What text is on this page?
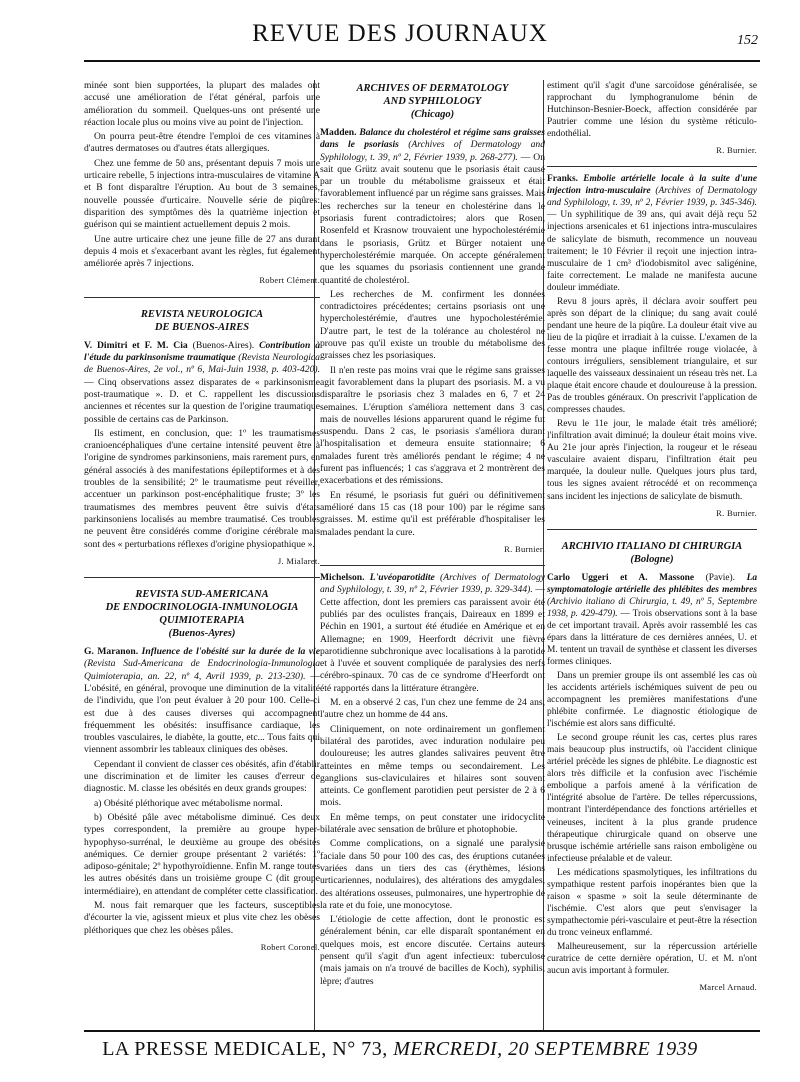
REVUE DES JOURNAUX	152

minée sont bien supportées, la plupart des malades ont accusé une amélioration de l'état général, parfois une amélioration du sommeil. Quelques-uns ont présenté une réaction locale plus ou moins vive au point de l'injection.

On pourra peut-être étendre l'emploi de ces vitamines à d'autres dermatoses ou d'autres états allergiques.

Chez une femme de 50 ans, présentant depuis 7 mois une urticaire rebelle, 5 injections intra-musculaires de vitamine A et B font disparaître l'éruption. Au bout de 3 semaines, nouvelle poussée d'urticaire. Nouvelle série de piqûres: disparition des symptômes dès la quatrième injection et guérison qui se maintient actuellement depuis 2 mois.

Une autre urticaire chez une jeune fille de 27 ans durant depuis 4 mois et s'exacerbant avant les règles, fut également améliorée après 7 injections.

Robert Clément.

REVISTA NEUROLOGICA
DE BUENOS-AIRES

V. Dimitri et F. M. Cia (Buenos-Aires). Contribution à l'étude du parkinsonisme traumatique (Revista Neurologica de Buenos-Aires, 2e vol., nº 6, Mai-Juin 1938, p. 403-420). — Cinq observations assez disparates de « parkinsonisme post-traumatique ». D. et C. rappellent les discussions anciennes et récentes sur la question de l'origine traumatique possible de certains cas de Parkinson.

Ils estiment, en conclusion, que: 1º les traumatismes cranioencéphaliques d'une certaine intensité peuvent être à l'origine de syndromes parkinsoniens, mais rarement purs, en général associés à des manifestations épileptiformes et à des troubles de la sensibilité; 2º le traumatisme peut réveiller, accentuer un parkinson post-encéphalitique fruste; 3º les traumatismes des membres peuvent être suivis d'états parkinsoniens localisés au membre traumatisé. Ces troubles ne peuvent être considérés comme d'origine cérébrale mais sont des « perturbations réflexes d'origine physiopathique ».

J. Mialaret.

REVISTA SUD-AMERICANA
DE ENDOCRINOLOGIA-INMUNOLOGIA
QUIMIOTERAPIA
(Buenos-Ayres)

G. Maranon. Influence de l'obésité sur la durée de la vie (Revista Sud-Americana de Endocrinologia-Inmunologia Quimioterapia, an. 22, nº 4, Avril 1939, p. 213-230). — L'obésité, en général, provoque une diminution de la vitalité de l'individu, que l'on peut évaluer à 20 pour 100. Celle-ci est due à des causes diverses qui accompagnent fréquemment les obésités: insuffisance cardiaque, les troubles vasculaires, le diabète, la goutte, etc... Tous faits qui viennent assombrir les tableaux cliniques des obèses.

Cependant il convient de classer ces obésités, afin d'établir une discrimination et de limiter les causes d'erreur de diagnostic. M. classe les obésités en deux grands groupes:

a) Obésité pléthorique avec métabolisme normal.

b) Obésité pâle avec métabolisme diminué. Ces deux types correspondent, la première au groupe hyper-hypophyso-surrénal, le deuxième au groupe des obésités anémiques. Ce dernier groupe présentant 2 variétés: 1º adiposo-génitale; 2º hypothyroïdienne. Enfin M. range toutes les autres obésités dans un troisième groupe C (dit groupe intermédiaire), en attendant de compléter cette classification.

M. nous fait remarquer que les facteurs, susceptibles d'écourter la vie, agissent mieux et plus vite chez les obèses pléthoriques que chez les obèses pâles.

Robert Coronel.

ARCHIVES OF DERMATOLOGY
AND SYPHILOLOGY
(Chicago)

Madden. Balance du cholestérol et régime sans graisses dans le psoriasis (Archives of Dermatology and Syphilology, t. 39, nº 2, Février 1939, p. 268-277). — On sait que Grütz avait soutenu que le psoriasis était causé par un trouble du métabolisme graisseux et était favorablement influencé par un régime sans graisses. Mais les recherches sur la teneur en cholestérine dans le psoriasis furent contradictoires; alors que Rosen, Rosenfeld et Krasnow trouvaient une hypocholestérémie dans le psoriasis, Grütz et Bürger notaient une hypercholestérémie marquée. On accepte généralement que les squames du psoriasis contiennent une grande quantité de cholestérol.

Les recherches de M. confirment les données contradictoires précédentes; certains psoriasis ont une hypercholestérémie, d'autres une hypocholestérémie. D'autre part, le test de la tolérance au cholestérol ne prouve pas qu'il existe un trouble du métabolisme des graisses chez les psoriasiques.

Il n'en reste pas moins vrai que le régime sans graisses agit favorablement dans la plupart des psoriasis. M. a vu disparaître le psoriasis chez 3 malades en 6, 7 et 24 semaines. L'éruption s'améliora nettement dans 3 cas, mais de nouvelles lésions apparurent quand le régime fut suspendu. Dans 2 cas, le psoriasis s'améliora durant l'hospitalisation et demeura ensuite stationnaire; 6 malades furent très améliorés pendant le régime; 4 ne furent pas influencés; 1 cas s'aggrava et 2 montrèrent des exacerbations et des rémissions.

En résumé, le psoriasis fut guéri ou définitivement amélioré dans 15 cas (18 pour 100) par le régime sans graisses. M. estime qu'il est préférable d'hospitaliser les malades pendant la cure.

R. Burnier.

Michelson. L'uvéoparotidite (Archives of Dermatology and Syphilology, t. 39, nº 2, Février 1939, p. 329-344). — Cette affection, dont les premiers cas paraissent avoir été publiés par des oculistes français, Daireaux en 1899 et Péchin en 1901, a surtout été étudiée en Amérique et en Allemagne; en 1909, Heerfordt décrivit une fièvre parotidienne subchronique avec localisations à la parotide et à l'uvée et souvent compliquée de paralysies des nerfs cérébro-spinaux. 70 cas de ce syndrome d'Heerfordt ont été rapportés dans la littérature étrangère.

M. en a observé 2 cas, l'un chez une femme de 24 ans, l'autre chez un homme de 44 ans.

Cliniquement, on note ordinairement un gonflement bilatéral des parotides, avec induration nodulaire peu douloureuse; les autres glandes salivaires peuvent être atteintes en même temps ou secondairement. Les ganglions sus-claviculaires et hilaires sont souvent atteints. Ce gonflement parotidien peut persister de 2 à 6 mois.

En même temps, on peut constater une iridocyclite bilatérale avec sensation de brûlure et photophobie.

Comme complications, on a signalé une paralysie faciale dans 50 pour 100 des cas, des éruptions cutanées variées dans un tiers des cas (érythèmes, lésions urticariennes, nodulaires), des altérations des amygdales, des altérations osseuses, pulmonaires, une hypertrophie de la rate et du foie, une monocytose.

L'étiologie de cette affection, dont le pronostic est généralement bénin, car elle disparaît spontanément en quelques mois, est encore discutée. Certains auteurs pensent qu'il s'agit d'un agent infectieux: tuberculose (mais jamais on n'a trouvé de bacilles de Koch), syphilis, lèpre; d'autres

estiment qu'il s'agit d'une sarcoïdose généralisée, se rapprochant du lymphogranulome bénin de Hutchinson-Besnier-Boeck, affection considérée par Pautrier comme une lésion du système réticulo-endothélial.

R. Burnier.

Franks. Embolie artérielle locale à la suite d'une injection intra-musculaire (Archives of Dermatology and Syphilology, t. 39, nº 2, Février 1939, p. 345-346). — Un syphilitique de 39 ans, qui avait déjà reçu 52 injections arsenicales et 61 injections intra-musculaires de salicylate de bismuth, recommence un nouveau traitement; le 10 Février il reçoit une injection intra-musculaire de 1 cm³ d'iodobismitol avec saligénine, faite correctement. Le malade ne manifesta aucune douleur immédiate.

Revu 8 jours après, il déclara avoir souffert peu après son départ de la clinique; du sang avait coulé pendant une heure de la piqûre. La douleur était vive au lieu de la piqûre et irradiait à la cuisse. L'examen de la fesse montra une plaque infiltrée rouge violacée, à contours irréguliers, sensiblement triangulaire, et sur laquelle des vaisseaux dessinaient un réseau très net. La plaque était encore chaude et douloureuse à la pression. Pas de troubles généraux. On prescrivit l'application de compresses chaudes.

Revu le 11e jour, le malade était très amélioré; l'infiltration avait diminué; la douleur était moins vive. Au 21e jour après l'injection, la rougeur et le réseau vasculaire avaient disparu, l'infiltration était peu marquée, la douleur nulle. Quelques jours plus tard, tous les signes avaient rétrocédé et on recommença sans incident les injections de salicylate de bismuth.

R. Burnier.

ARCHIVIO ITALIANO DI CHIRURGIA
(Bologne)

Carlo Uggeri et A. Massone (Pavie). La symptomatologie artérielle des phlébites des membres (Archivio italiano di Chirurgia, t. 49, nº 5, Septembre 1938, p. 429-479). — Trois observations sont à la base de cet important travail. Après avoir rassemblé les cas épars dans la littérature de ces dernières années, U. et M. tentent un travail de synthèse et classent les diverses formes cliniques.

Dans un premier groupe ils ont assemblé les cas où les accidents artériels ischémiques suivent de peu ou accompagnent les premières manifestations d'une phlébite confirmée. Le diagnostic étiologique de l'ischémie est alors sans difficulté.

Le second groupe réunit les cas, certes plus rares mais beaucoup plus instructifs, où l'accident clinique artériel précède les signes de phlébite. Le diagnostic est alors très difficile et la confusion avec l'ischémie embolique a parfois amené à la vérification de l'intégrité absolue de l'artère. De telles répercussions, montrant l'interdépendance des fonctions artérielles et veineuses, incitent à la plus grande prudence thérapeutique chirurgicale quand on observe une brusque ischémie artérielle sans raison emboligène ou infectieuse préalable et de valeur.

Les médications spasmolytiques, les infiltrations du sympathique restent parfois inopérantes bien que la raison « spasme » soit la seule déterminante de l'ischémie. C'est alors que peut s'envisager la sympathectomie péri-vasculaire et peut-être la résection du tronc veineux enflammé.

Malheureusement, sur la répercussion artérielle curatrice de cette dernière opération, U. et M. n'ont aucun avis important à formuler.

Marcel Arnaud.

LA PRESSE MEDICALE, N° 73, MERCREDI, 20 SEPTEMBRE 1939
